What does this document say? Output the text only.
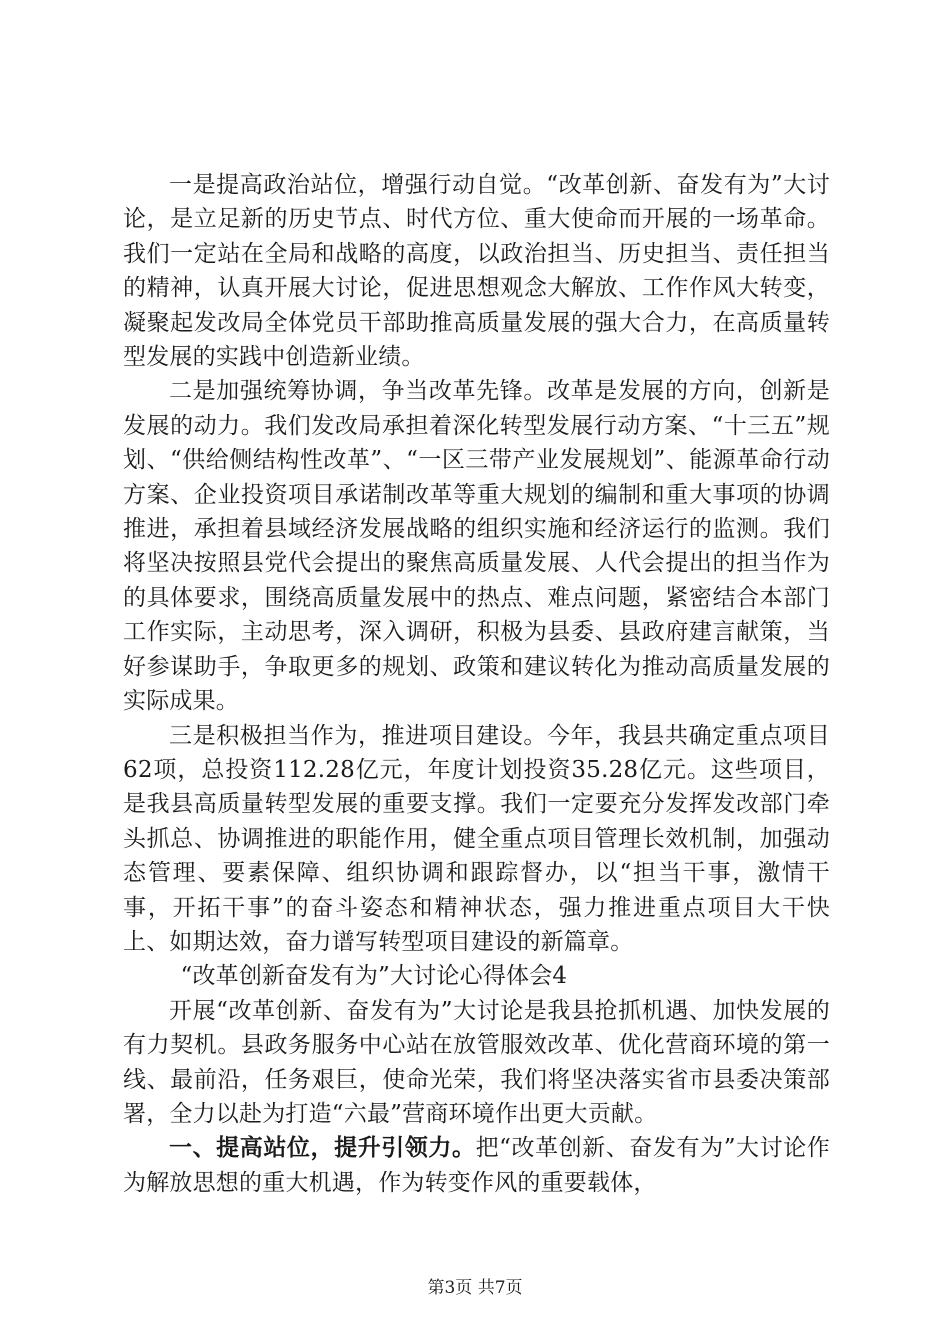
一是提高政治站位，增强行动自觉。“改革创新、奋发有为”大讨论，是立足新的历史节点、时代方位、重大使命而开展的一场革命。我们一定站在全局和战略的高度，以政治担当、历史担当、责任担当的精神，认真开展大讨论，促进思想观念大解放、工作作风大转变，凝聚起发改局全体党员干部助推高质量发展的强大合力，在高质量转型发展的实践中创造新业绩。

二是加强统筹协调，争当改革先锋。改革是发展的方向，创新是发展的动力。我们发改局承担着深化转型发展行动方案、“十三五”规划、“供给侧结构性改革”、“一区三带产业发展规划”、能源革命行动方案、企业投资项目承诺制改革等重大规划的编制和重大事项的协调推进，承担着县域经济发展战略的组织实施和经济运行的监测。我们将坚决按照县党代会提出的聚焦高质量发展、人代会提出的担当作为的具体要求，围绕高质量发展中的热点、难点问题，紧密结合本部门工作实际，主动思考，深入调研，积极为县委、县政府建言献策，当好参谋助手，争取更多的规划、政策和建议转化为推动高质量发展的实际成果。

三是积极担当作为，推进项目建设。今年，我县共确定重点项目62项，总投资112.28亿元，年度计划投资35.28亿元。这些项目，是我县高质量转型发展的重要支撑。我们一定要充分发挥发改部门牵头抓总、协调推进的职能作用，健全重点项目管理长效机制，加强动态管理、要素保障、组织协调和跟踪督办，以“担当干事，激情干事，开拓干事”的奋斗姿态和精神状态，强力推进重点项目大干快上、如期达效，奋力谱写转型项目建设的新篇章。

“改革创新奋发有为”大讨论心得体会4

开展“改革创新、奋发有为”大讨论是我县抢抓机遇、加快发展的有力契机。县政务服务中心站在放管服效改革、优化营商环境的第一线、最前沿，任务艰巨，使命光荣，我们将坚决落实省市县委决策部署，全力以赴为打造“六最”营商环境作出更大贡献。

一、提高站位，提升引领力。把“改革创新、奋发有为”大讨论作为解放思想的重大机遇，作为转变作风的重要载体，

第3页 共7页
